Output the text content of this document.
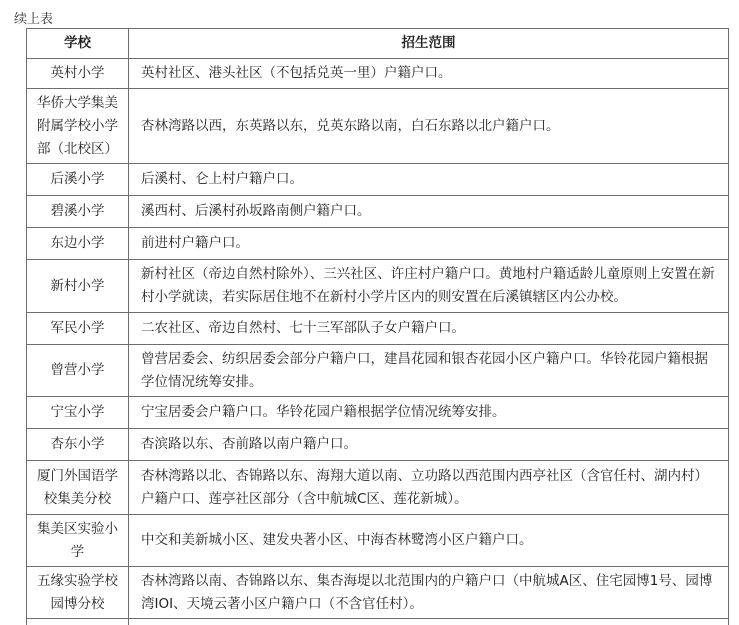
续上表
学校	招生范围
英村小学	英村社区、港头社区（不包括兑英一里）户籍户口。
华侨大学集美附属学校小学部（北校区）	杏林湾路以西，东英路以东，兑英东路以南，白石东路以北户籍户口。
后溪小学	后溪村、仑上村户籍户口。
碧溪小学	溪西村、后溪村孙坂路南侧户籍户口。
东边小学	前进村户籍户口。
新村小学	新村社区（帝边自然村除外）、三兴社区、许庄村户籍户口。黄地村户籍适龄儿童原则上安置在新村小学就读，若实际居住地不在新村小学片区内的则安置在后溪镇辖区内公办校。
军民小学	二农社区、帝边自然村、七十三军部队子女户籍户口。
曾营小学	曾营居委会、纺织居委会部分户籍户口，建昌花园和银杏花园小区户籍户口。华铃花园户籍根据学位情况统筹安排。
宁宝小学	宁宝居委会户籍户口。华铃花园户籍根据学位情况统筹安排。
杏东小学	杏滨路以东、杏前路以南户籍户口。
厦门外国语学校集美分校	杏林湾路以北、杏锦路以东、海翔大道以南、立功路以西范围内西亭社区（含官任村、湖内村）户籍户口、莲亭社区部分（含中航城C区、莲花新城）。
集美区实验小学	中交和美新城小区、建发央著小区、中海杏林鹭湾小区户籍户口。
五缘实验学校园博分校	杏林湾路以南、杏锦路以东、集杏海堤以北范围内的户籍户口（中航城A区、住宅园博1号、园博湾IOI、天境云著小区户籍户口（不含官任村）。
